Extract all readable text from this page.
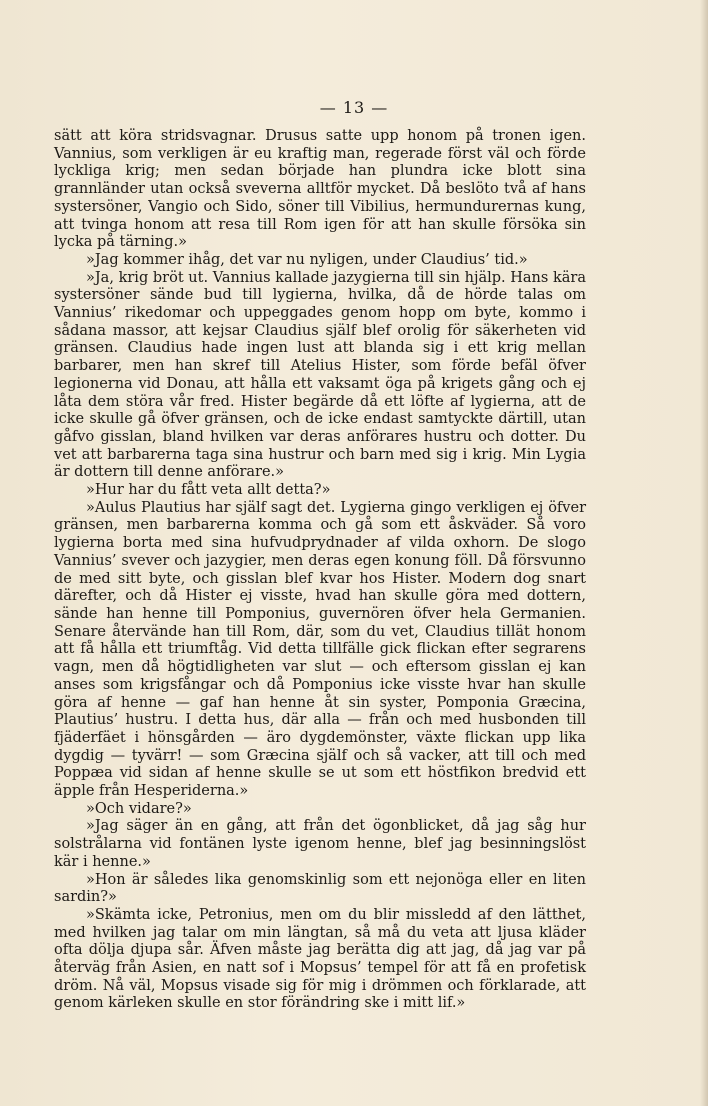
— 13 —

sätt att köra stridsvagnar. Drusus satte upp honom på tronen igen. Vannius, som verkligen är eu kraftig man, regerade först väl och förde lyckliga krig; men sedan började han plundra icke blott sina grannländer utan också sveverna alltför mycket. Då beslöto två af hans systersöner, Vangio och Sido, söner till Vibilius, hermundurernas kung, att tvinga honom att resa till Rom igen för att han skulle försöka sin lycka på tärning.»

»Jag kommer ihåg, det var nu nyligen, under Claudius’ tid.»

»Ja, krig bröt ut. Vannius kallade jazygierna till sin hjälp. Hans kära systersöner sände bud till lygierna, hvilka, då de hörde talas om Vannius’ rikedomar och uppeggades genom hopp om byte, kommo i sådana massor, att kejsar Claudius själf blef orolig för säkerheten vid gränsen. Claudius hade ingen lust att blanda sig i ett krig mellan barbarer, men han skref till Atelius Hister, som förde befäl öfver legionerna vid Donau, att hålla ett vaksamt öga på krigets gång och ej låta dem störa vår fred. Hister begärde då ett löfte af lygierna, att de icke skulle gå öfver gränsen, och de icke endast samtyckte därtill, utan gåfvo gisslan, bland hvilken var deras anförares hustru och dotter. Du vet att barbarerna taga sina hustrur och barn med sig i krig. Min Lygia är dottern till denne anförare.»

»Hur har du fått veta allt detta?»

»Aulus Plautius har själf sagt det. Lygierna gingo verkligen ej öfver gränsen, men barbarerna komma och gå som ett åskväder. Så voro lygierna borta med sina hufvudprydnader af vilda oxhorn. De slogo Vannius’ svever och jazygier, men deras egen konung föll. Då försvunno de med sitt byte, och gisslan blef kvar hos Hister. Modern dog snart därefter, och då Hister ej visste, hvad han skulle göra med dottern, sände han henne till Pomponius, guvernören öfver hela Germanien. Senare återvände han till Rom, där, som du vet, Claudius tillät honom att få hålla ett triumftåg. Vid detta tillfälle gick flickan efter segrarens vagn, men då högtidligheten var slut — och eftersom gisslan ej kan anses som krigsfångar och då Pomponius icke visste hvar han skulle göra af henne — gaf han henne åt sin syster, Pomponia Græcina, Plautius’ hustru. I detta hus, där alla — från och med husbonden till fjäderfäet i hönsgården — äro dygdemönster, växte flickan upp lika dygdig — tyvärr! — som Græcina själf och så vacker, att till och med Poppæa vid sidan af henne skulle se ut som ett höstfikon bredvid ett äpple från Hesperiderna.»

»Och vidare?»

»Jag säger än en gång, att från det ögonblicket, då jag såg hur solstrålarna vid fontänen lyste igenom henne, blef jag besinningslöst kär i henne.»

»Hon är således lika genomskinlig som ett nejonöga eller en liten sardin?»

»Skämta icke, Petronius, men om du blir missledd af den lätthet, med hvilken jag talar om min längtan, så må du veta att ljusa kläder ofta dölja djupa sår. Äfven måste jag berätta dig att jag, då jag var på återväg från Asien, en natt sof i Mopsus’ tempel för att få en profetisk dröm. Nå väl, Mopsus visade sig för mig i drömmen och förklarade, att genom kärleken skulle en stor förändring ske i mitt lif.»
